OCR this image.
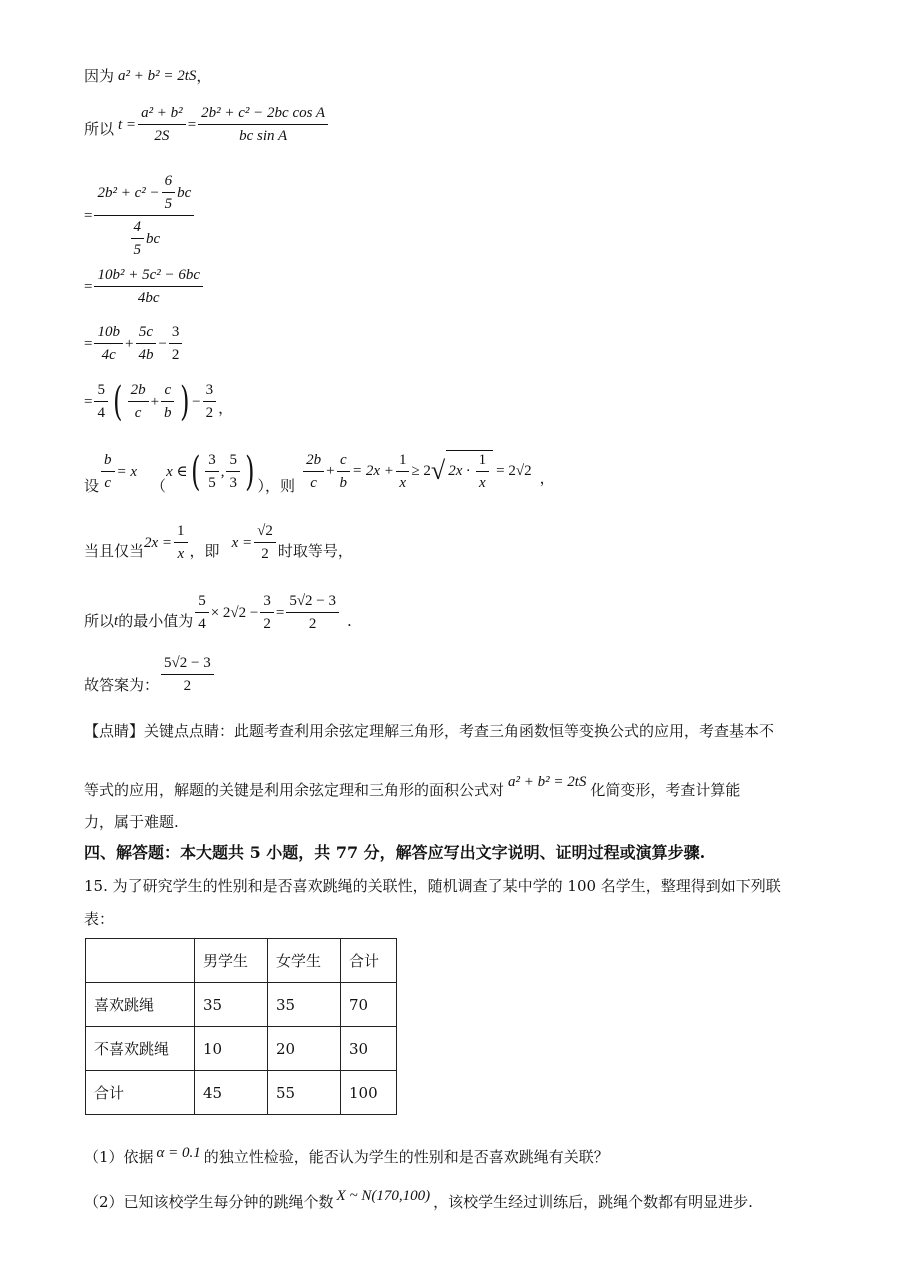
因为 a² + b² = 2tS ，
所以 $t = \frac{\text{a² + b²}}{2S} = \frac{\text{2b² + c² − 2bc cos A}}{\text{bc sin A}}$
= $\frac{2b^2 + c^2 - \frac{6}{5} bc}{\frac{4}{5} bc}$
= $\frac{\text{10b² + 5c² − 6bc}}{4bc}$
= $\frac{10b}{4c} + \frac{5c}{4b} - \frac{3}{2}$
= $\frac{5}{4}$ ( $\frac{2b}{c} + \frac{c}{b}$ ) − $\frac{3}{2}$ ，
设 $\frac{b}{c} = x$
（
x ∈ ( $\frac{3}{5}$ , $\frac{5}{3}$ ) ），则 $\frac{2b}{c} + \frac{c}{b} = 2x + \frac{1}{x} \ge 2$ √ $2x \cdot \frac{1}{x} = 2√2$ ，
当且仅当 $2x = \frac{1}{x}$ ，即 $x = \frac{√2}{2}$ 时取等号，
所以 t 的最小值为 $\frac{5}{4} \times 2√2 - \frac{3}{2} = \frac{5√2 - 3}{2}$ .
故答案为： $\frac{5√2 - 3}{2}$
【点睛】关键点点睛：此题考查利用余弦定理解三角形，考查三角函数恒等变换公式的应用，考查基本不
等式的应用，解题的关键是利用余弦定理和三角形的面积公式对 a² + b² = 2tS 化简变形，考查计算能
力，属于难题.
四、解答题：本大题共 5 小题，共 77 分，解答应写出文字说明、证明过程或演算步骤.
15. 为了研究学生的性别和是否喜欢跳绳的关联性，随机调查了某中学的 100 名学生，整理得到如下列联
表：
	男学生	女学生	合计
喜欢跳绳	35	35	70
不喜欢跳绳	10	20	30
合计	45	55	100
（1）依据 α = 0.1 的独立性检验，能否认为学生的性别和是否喜欢跳绳有关联？
（2）已知该校学生每分钟的跳绳个数 X ~ N(170,100) ，该校学生经过训练后，跳绳个数都有明显进步.
